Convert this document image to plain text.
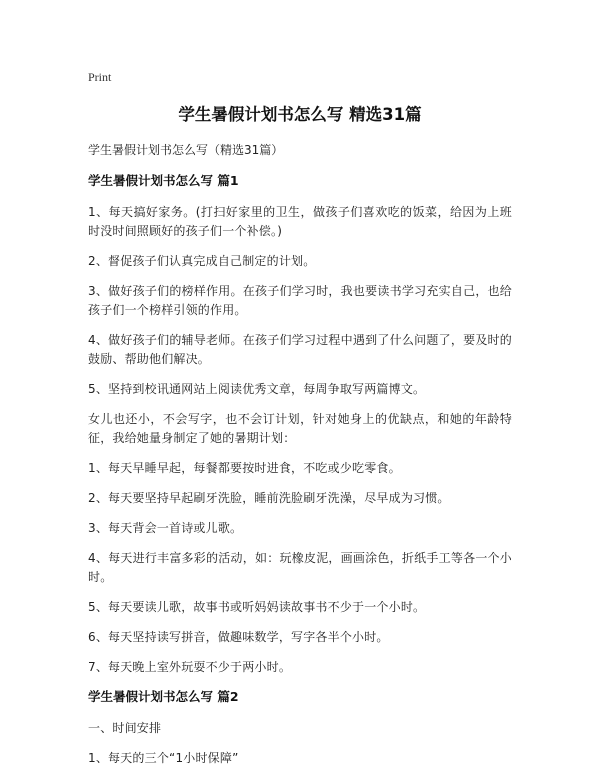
Print
学生暑假计划书怎么写 精选31篇
学生暑假计划书怎么写（精选31篇）
学生暑假计划书怎么写 篇1
1、每天搞好家务。(打扫好家里的卫生，做孩子们喜欢吃的饭菜，给因为上班时没时间照顾好的孩子们一个补偿。)
2、督促孩子们认真完成自己制定的计划。
3、做好孩子们的榜样作用。在孩子们学习时，我也要读书学习充实自己，也给孩子们一个榜样引领的作用。
4、做好孩子们的辅导老师。在孩子们学习过程中遇到了什么问题了，要及时的鼓励、帮助他们解决。
5、坚持到校讯通网站上阅读优秀文章，每周争取写两篇博文。
女儿也还小，不会写字，也不会订计划，针对她身上的优缺点，和她的年龄特征，我给她量身制定了她的暑期计划：
1、每天早睡早起，每餐都要按时进食，不吃或少吃零食。
2、每天要坚持早起刷牙洗脸，睡前洗脸刷牙洗澡，尽早成为习惯。
3、每天背会一首诗或儿歌。
4、每天进行丰富多彩的活动，如：玩橡皮泥，画画涂色，折纸手工等各一个小时。
5、每天要读儿歌，故事书或听妈妈读故事书不少于一个小时。
6、每天坚持读写拼音，做趣味数学，写字各半个小时。
7、每天晚上室外玩耍不少于两小时。
学生暑假计划书怎么写 篇2
一、时间安排
1、每天的三个“1小时保障”
